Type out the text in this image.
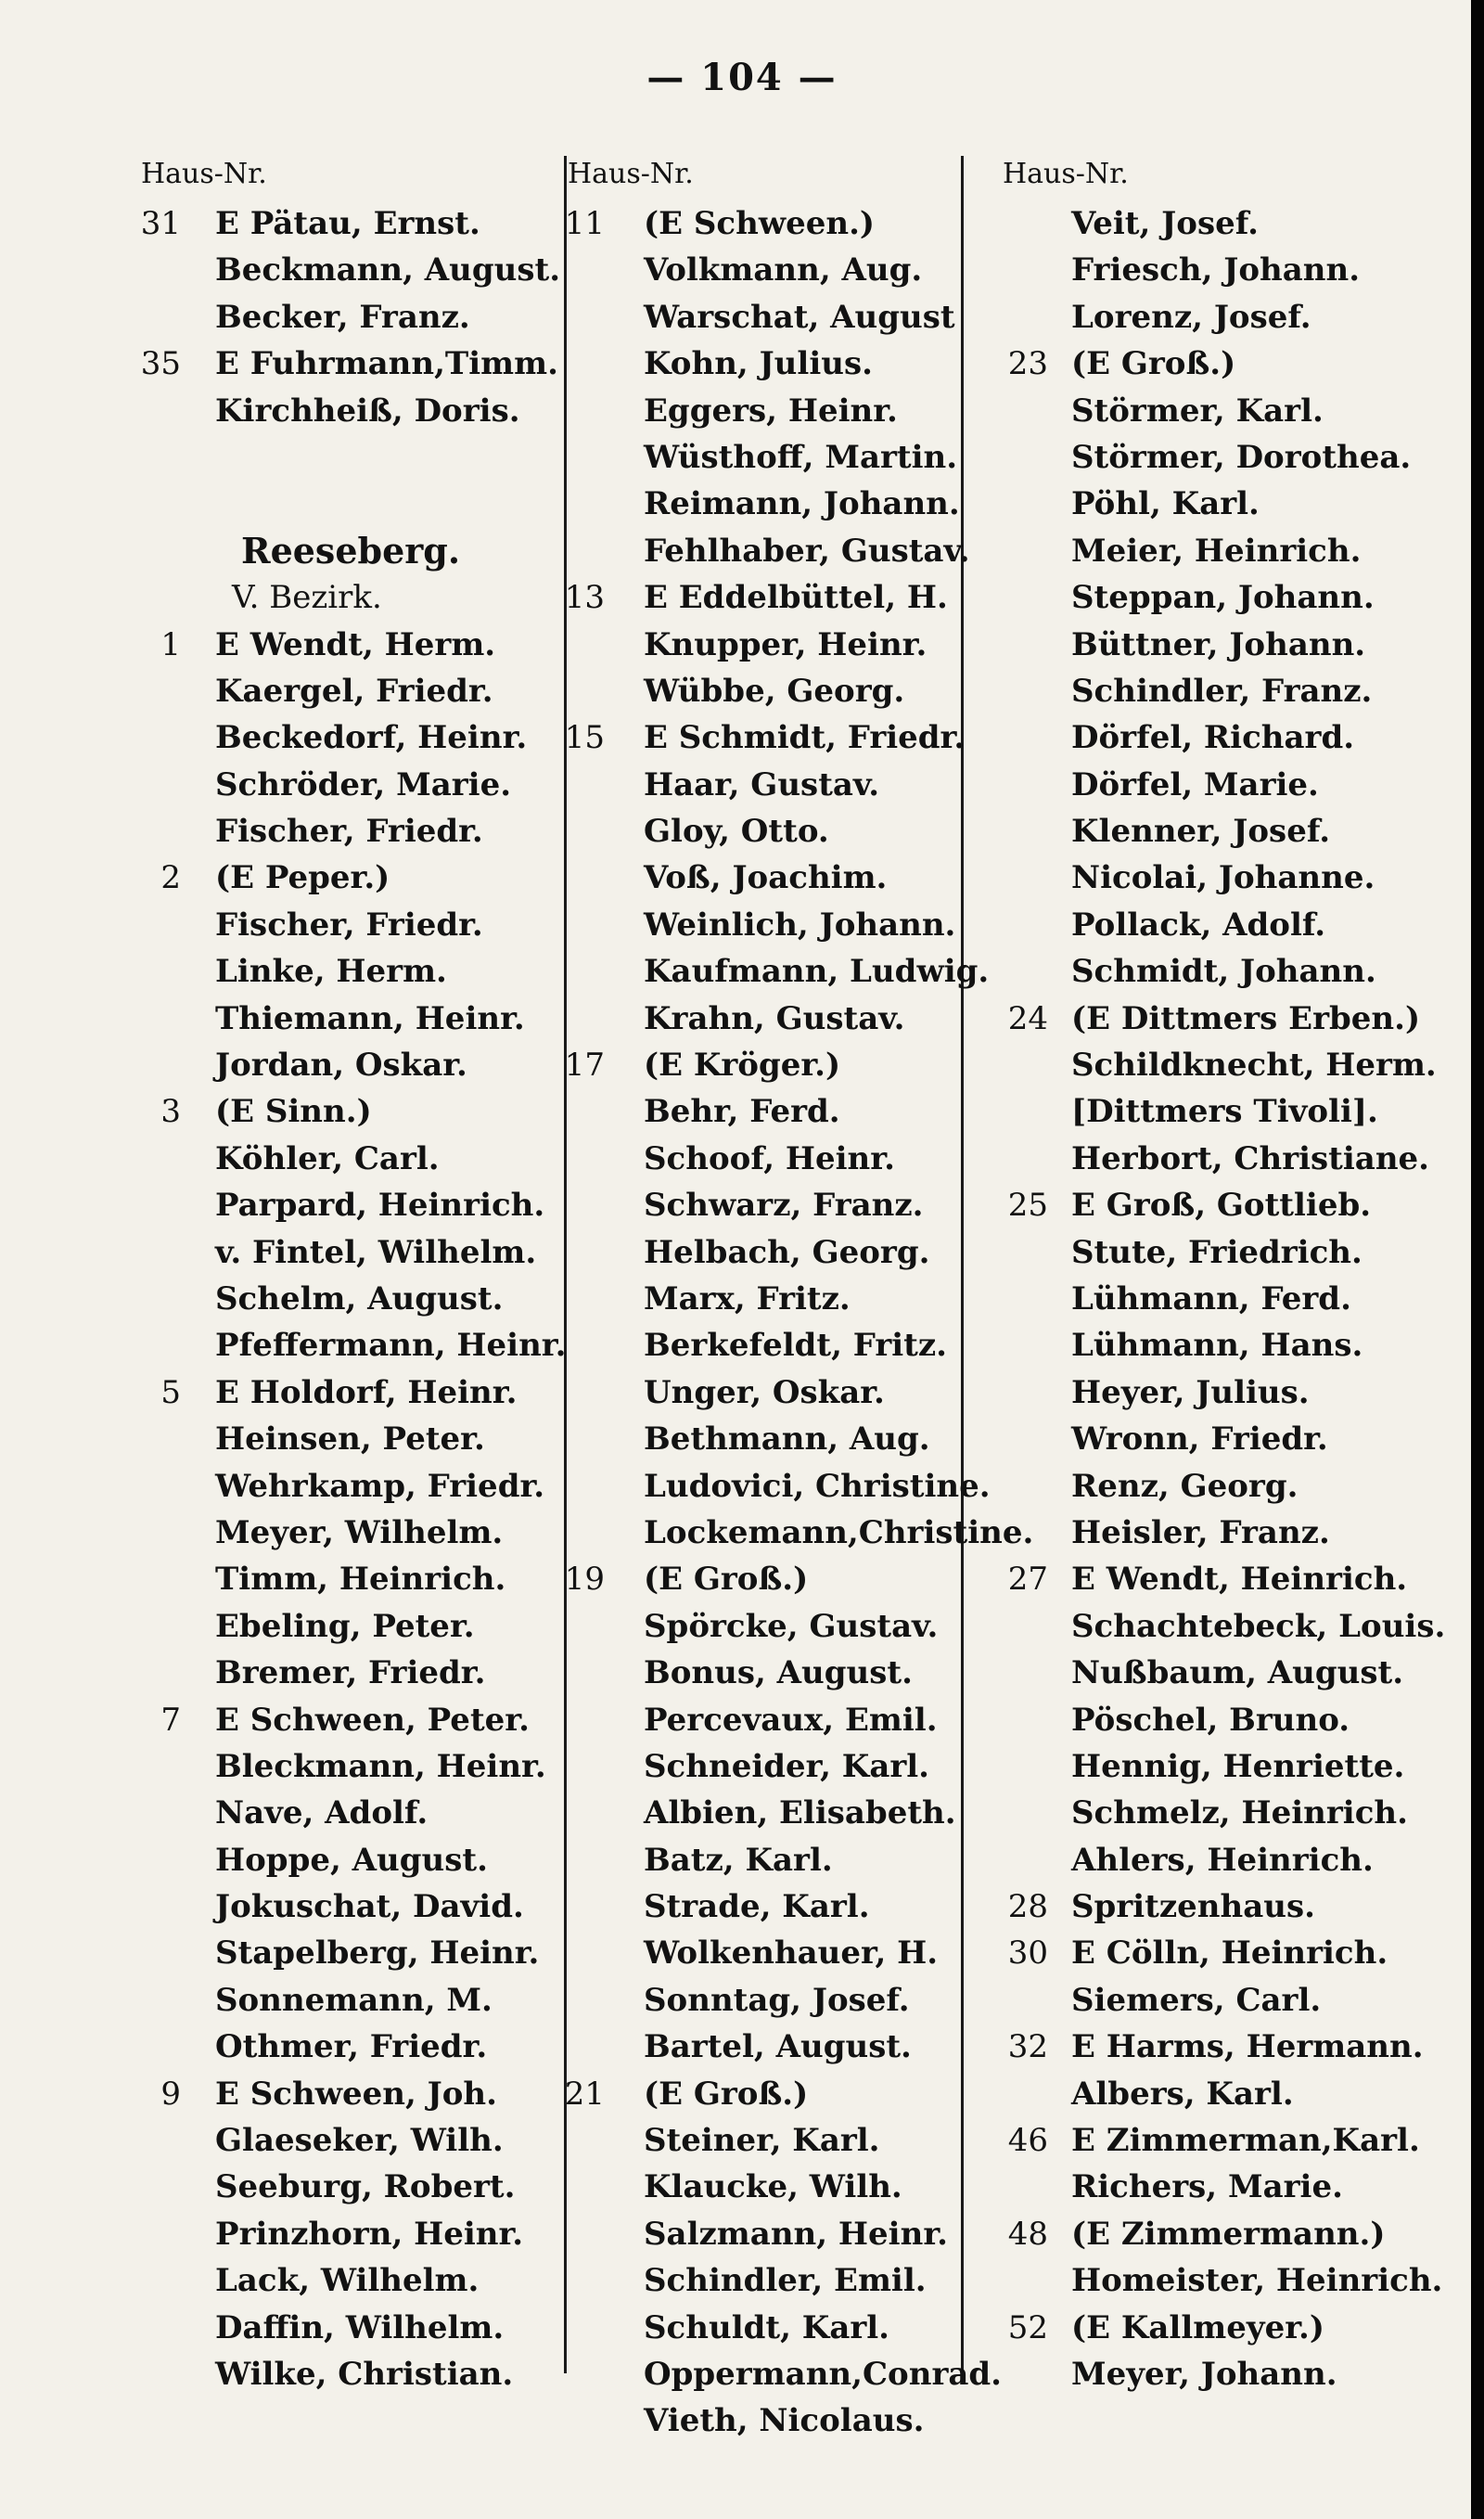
— 104 —
Haus-Nr.
31 E Pätau, Ernst.
Beckmann, August.
Becker, Franz.
35 E Fuhrmann,Timm.
Kirchheiß, Doris.
Reeseberg.
V. Bezirk.
1 E Wendt, Herm.
Kaergel, Friedr.
Beckedorf, Heinr.
Schröder, Marie.
Fischer, Friedr.
2 (E Peper.)
Fischer, Friedr.
Linke, Herm.
Thiemann, Heinr.
Jordan, Oskar.
3 (E Sinn.)
Köhler, Carl.
Parpard, Heinrich.
v. Fintel, Wilhelm.
Schelm, August.
Pfeffermann, Heinr.
5 E Holdorf, Heinr.
Heinsen, Peter.
Wehrkamp, Friedr.
Meyer, Wilhelm.
Timm, Heinrich.
Ebeling, Peter.
Bremer, Friedr.
7 E Schween, Peter.
Bleckmann, Heinr.
Nave, Adolf.
Hoppe, August.
Jokuschat, David.
Stapelberg, Heinr.
Sonnemann, M.
Othmer, Friedr.
9 E Schween, Joh.
Glaeseker, Wilh.
Seeburg, Robert.
Prinzhorn, Heinr.
Lack, Wilhelm.
Daffin, Wilhelm.
Wilke, Christian.
Haus-Nr.
11 (E Schween.)
Volkmann, Aug.
Warschat, August
Kohn, Julius.
Eggers, Heinr.
Wüsthoff, Martin.
Reimann, Johann.
Fehlhaber, Gustav.
13 E Eddelbüttel, H.
Knupper, Heinr.
Wübbe, Georg.
15 E Schmidt, Friedr.
Haar, Gustav.
Gloy, Otto.
Voß, Joachim.
Weinlich, Johann.
Kaufmann, Ludwig.
Krahn, Gustav.
17 (E Kröger.)
Behr, Ferd.
Schoof, Heinr.
Schwarz, Franz.
Helbach, Georg.
Marx, Fritz.
Berkefeldt, Fritz.
Unger, Oskar.
Bethmann, Aug.
Ludovici, Christine.
Lockemann,Christine.
19 (E Groß.)
Spörcke, Gustav.
Bonus, August.
Percevaux, Emil.
Schneider, Karl.
Albien, Elisabeth.
Batz, Karl.
Strade, Karl.
Wolkenhauer, H.
Sonntag, Josef.
Bartel, August.
21 (E Groß.)
Steiner, Karl.
Klaucke, Wilh.
Salzmann, Heinr.
Schindler, Emil.
Schuldt, Karl.
Oppermann,Conrad.
Vieth, Nicolaus.
Haus-Nr.
Veit, Josef.
Friesch, Johann.
Lorenz, Josef.
23 (E Groß.)
Störmer, Karl.
Störmer, Dorothea.
Pöhl, Karl.
Meier, Heinrich.
Steppan, Johann.
Büttner, Johann.
Schindler, Franz.
Dörfel, Richard.
Dörfel, Marie.
Klenner, Josef.
Nicolai, Johanne.
Pollack, Adolf.
Schmidt, Johann.
24 (E Dittmers Erben.)
Schildknecht, Herm.
[Dittmers Tivoli].
Herbort, Christiane.
25 E Groß, Gottlieb.
Stute, Friedrich.
Lühmann, Ferd.
Lühmann, Hans.
Heyer, Julius.
Wronn, Friedr.
Renz, Georg.
Heisler, Franz.
27 E Wendt, Heinrich.
Schachtebeck, Louis.
Nußbaum, August.
Pöschel, Bruno.
Hennig, Henriette.
Schmelz, Heinrich.
Ahlers, Heinrich.
28 Spritzenhaus.
30 E Cölln, Heinrich.
Siemers, Carl.
32 E Harms, Hermann.
Albers, Karl.
46 E Zimmerman,Karl.
Richers, Marie.
48 (E Zimmermann.)
Homeister, Heinrich.
52 (E Kallmeyer.)
Meyer, Johann.
